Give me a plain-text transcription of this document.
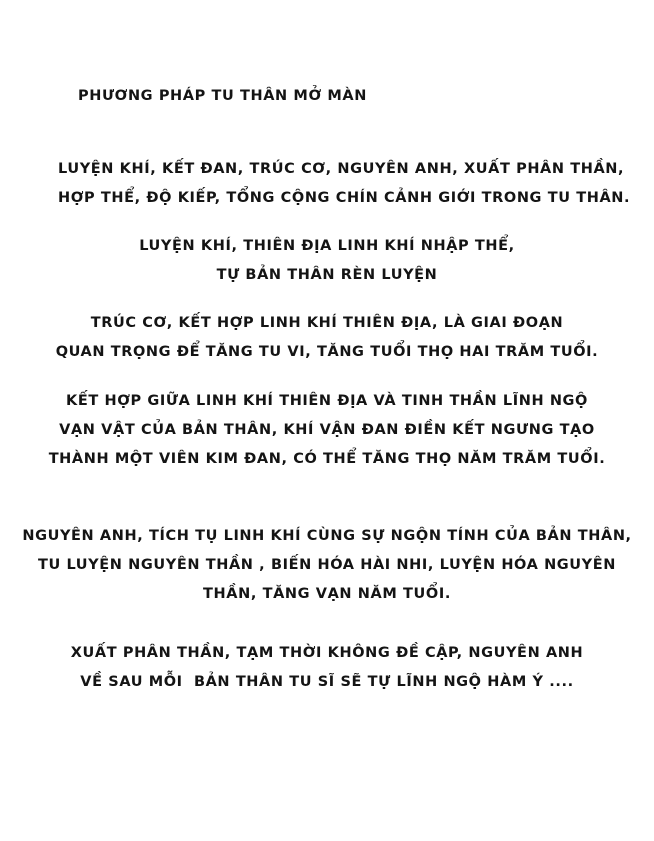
PHƯƠNG PHÁP TU THÂN MỞ MÀN
LUYỆN KHÍ, KẾT ĐAN, TRÚC CƠ, NGUYÊN ANH, XUẤT PHÂN THẦN,
HỢP THỂ, ĐỘ KIẾP, TỔNG CỘNG CHÍN CẢNH GIỚI TRONG TU THÂN.
LUYỆN KHÍ, THIÊN ĐỊA LINH KHÍ NHẬP THỂ,
TỰ BẢN THÂN RÈN LUYỆN
TRÚC CƠ, KẾT HỢP LINH KHÍ THIÊN ĐỊA, LÀ GIAI ĐOẠN
QUAN TRỌNG ĐỂ TĂNG TU VI, TĂNG TUỔI THỌ HAI TRĂM TUỔI.
KẾT HỢP GIỮA LINH KHÍ THIÊN ĐỊA VÀ TINH THẦN LĨNH NGỘ
VẠN VẬT CỦA BẢN THÂN, KHÍ VẬN ĐAN ĐIỀN KẾT NGƯNG TẠO
THÀNH MỘT VIÊN KIM ĐAN, CÓ THỂ TĂNG THỌ NĂM TRĂM TUỔI.
NGUYÊN ANH, TÍCH TỤ LINH KHÍ CÙNG SỰ NGỘN TÍNH CỦA BẢN THÂN,
TU LUYỆN NGUYÊN THẦN , BIẾN HÓA HÀI NHI, LUYỆN HÓA NGUYÊN
THẦN, TĂNG VẠN NĂM TUỔI.
XUẤT PHÂN THẦN, TẠM THỜI KHÔNG ĐỀ CẬP, NGUYÊN ANH
VỀ SAU MỖI  BẢN THÂN TU SĨ SẼ TỰ LĨNH NGỘ HÀM Ý ....
